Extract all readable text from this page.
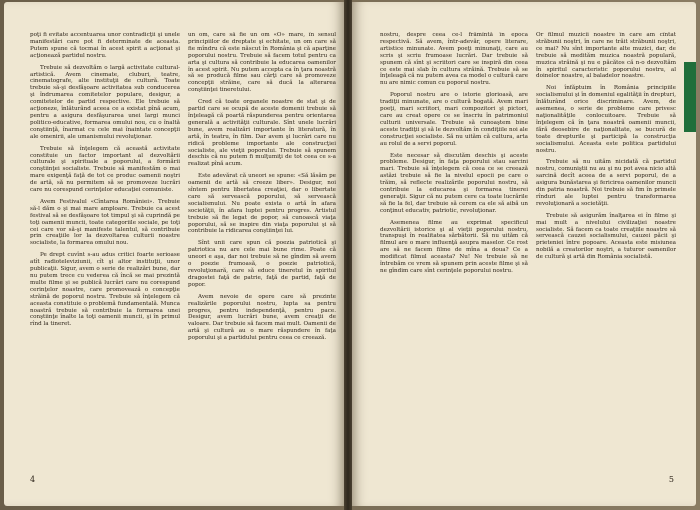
poţi fi evitate accentuarea unor contradicţii şi unele manifestări care pot fi determinate de aceasta. Putem spune că tocmai în acest spirit a acţionat şi acţionează partidul nostru.

Trebuie să dezvoltăm o largă activitate cultural-artistică. Avem cinemate, cluburi, teatre, cinematografe, alte instituţii de cultură. Toate trebuie să-şi desfăşoare activitatea sub conducerea şi îndrumarea comitetelor populare, desigur, a comitetelor de partid respective. Ele trebuie să acţioneze, înlăturând aceea ce a existat pînă acum, pentru a asigura desfăşurarea unei largi munci politico-educative, formarea omului nou, cu o înaltă conştiinţă, înarmat cu cele mai înaintate concepţii ale omenirii, ale umanismului revoluţionar.

Trebuie să înţelegem că această activitate constituie un factor important al dezvoltării culturale şi spirituale a poporului, a formării conştiinţei socialiste. Trebuie să manifestăm o mai mare exigenţă faţă de tot ce produc oamenii noştri de artă, să nu permitem să se promoveze lucrări care nu corespund cerinţelor educaţiei comuniste.

Avem Festivalul «Cîntarea României». Trebuie să-l dăm o şi mai mare amploare. Trebuie ca acest festival să se desfăşoare tot timpul şi să cuprindă pe toţi oamenii muncii, toate categoriile sociale, pe toţi cei care vor să-şi manifeste talentul, să contribuie prin creaţiile lor la dezvoltarea culturii noastre socialiste, la formarea omului nou.

Pe drept cuvînt s-au adus critici foarte serioase atît radioteleviziunii, cît şi altor instituţii, unor publicaţii. Sigur, avem o serie de realizări bune, dar nu putem trece cu vederea că încă se mai prezintă multe filme şi se publică lucrări care nu corespund cerinţelor noastre, care promovează o concepţie străină de poporul nostru. Trebuie să înţelegem că aceasta constituie o problemă fundamentală. Munca noastră trebuie să contribuie la formarea unei conştiinţe înalte la toţi oamenii muncii, şi în primul rînd la tineret.

un om, care să fie un om «O» mare, în sensul principiilor de dreptate şi echitate, un om care să fie mîndru că este născut în România şi că aparţine poporului nostru. Trebuie să facem totul pentru ca arta şi cultura să contribuie la educarea oamenilor în acest spirit. Nu putem accepta ca în ţara noastră să se producă filme sau cărţi care să promoveze concepţii străine, care să ducă la alterarea conştiinţei tineretului.

Cred că toate organele noastre de stat şi de partid care se ocupă de aceste domenii trebuie să înţeleagă că poartă răspunderea pentru orientarea generală a activităţii culturale. Sînt unele lucrări bune, avem realizări importante în literatură, în artă, în teatru, în film. Dar avem şi lucrări care nu ridică probleme importante ale construcţiei socialiste, ale vieţii poporului. Trebuie să spunem deschis că nu putem fi mulţumiţi de tot ceea ce s-a realizat pînă acum.

Este adevărat că uneori se spune: «Să lăsăm pe oamenii de artă să creeze liber». Desigur, noi sîntem pentru libertatea creaţiei, dar o libertate care să servească poporului, să servească socialismului. Nu poate exista o artă în afara societăţii, în afara luptei pentru progres. Artistul trebuie să fie legat de popor, să cunoască viaţa poporului, să se inspire din viaţa poporului şi să contribuie la ridicarea conştiinţei lui.

Sînt unii care spun că poezia patriotică şi patriotica nu are cele mai bune rime. Poate că uneori e aşa, dar noi trebuie să ne gîndim să avem o poezie frumoasă, o poezie patriotică, revoluţionară, care să educe tineretul în spiritul dragostei faţă de patrie, faţă de partid, faţă de popor.

Avem nevoie de opere care să prezinte realizările poporului nostru, lupta sa pentru progres, pentru independenţă, pentru pace. Desigur, avem lucrări bune, avem creaţii de valoare. Dar trebuie să facem mai mult. Oamenii de artă şi cultură au o mare răspundere în faţa poporului şi a partidului pentru ceea ce creează.

4

nostru, despre ceea ce-l frămîntă în epoca respectivă. Să avem, într-adevăr, opere literare, artistice minunate. Avem poeţi minunaţi, care au scris şi scriu frumoase lucrări. Dar trebuie să spunem că sînt şi scriitori care se inspiră din ceea ce este mai slab în cultura străină. Trebuie să se înţeleagă că nu putem avea ca model o cultură care nu are nimic comun cu poporul nostru.

Poporul nostru are o istorie glorioasă, are tradiţii minunate, are o cultură bogată. Avem mari poeţi, mari scriitori, mari compozitori şi pictori, care au creat opere ce se înscriu în patrimoniul culturii universale. Trebuie să cunoaştem bine aceste tradiţii şi să le dezvoltăm în condiţiile noi ale construcţiei socialiste. Să nu uităm că cultura, arta au rolul de a servi poporul.

Este necesar să discutăm deschis şi aceste probleme. Desigur, în faţa poporului stau sarcini mari. Trebuie să înţelegem că ceea ce se creează astăzi trebuie să fie la nivelul epocii pe care o trăim, să reflecte realizările poporului nostru, să contribuie la educarea şi formarea tinerei generaţii. Sigur că nu putem cere ca toate lucrările să fie la fel, dar trebuie să cerem ca ele să aibă un conţinut educativ, patriotic, revoluţionar.

Asemenea filme au exprimat specificul dezvoltării istorice şi al vieţii poporului nostru, transpuşi în realitatea sărbătorii. Să nu uităm că filmul are o mare influenţă asupra maselor. Ce rost are să ne facem filme de mîna a doua? Ce a modificat filmul aceasta? Nu! Ne trebuie să ne întrebăm ce vrem să spunem prin aceste filme şi să ne gîndim care sînt cerinţele poporului nostru.

Or filmul muzicii noastre în care am cîntat străbunii noştri, în care ne trăit străbunii noştri, ce mai? Nu sînt importante alte muzici, dar, de trebuie să medităm muzica noastră populară, muzica străină şi nu e păcătos că n-o dezvoltăm în spiritul caracteristic poporului nostru, al doinelor noastre, al baladelor noastre.

Noi înfăptuim în România principiile socialismului şi în domeniul egalităţii în drepturi, înlăturând orice discriminare. Avem, de asemenea, o serie de probleme care privesc naţionalităţile conlocuitoare. Trebuie să înţelegem că în ţara noastră oamenii muncii, fără deosebire de naţionalitate, se bucură de toate drepturile şi participă la construcţia socialismului. Aceasta este politica partidului nostru.

Trebuie să nu uităm nicidată că partidul nostru, comuniştii nu au şi nu pot avea nicio altă sarcină decît aceea de a servi poporul, de a asigura bunăstarea şi fericirea oamenilor muncii din patria noastră. Noi trebuie să fim în primele rînduri ale luptei pentru transformarea revoluţionară a societăţii.

Trebuie să asigurăm înalţarea ei în filme şi mai mult a nivelului civilizaţiei noastre socialiste. Să facem ca toate creaţiile noastre să servească cauzei socialismului, cauzei păcii şi prieteniei între popoare. Aceasta este misiunea nobilă a creatorilor noştri, a tuturor oamenilor de cultură şi artă din România socialistă.

5
